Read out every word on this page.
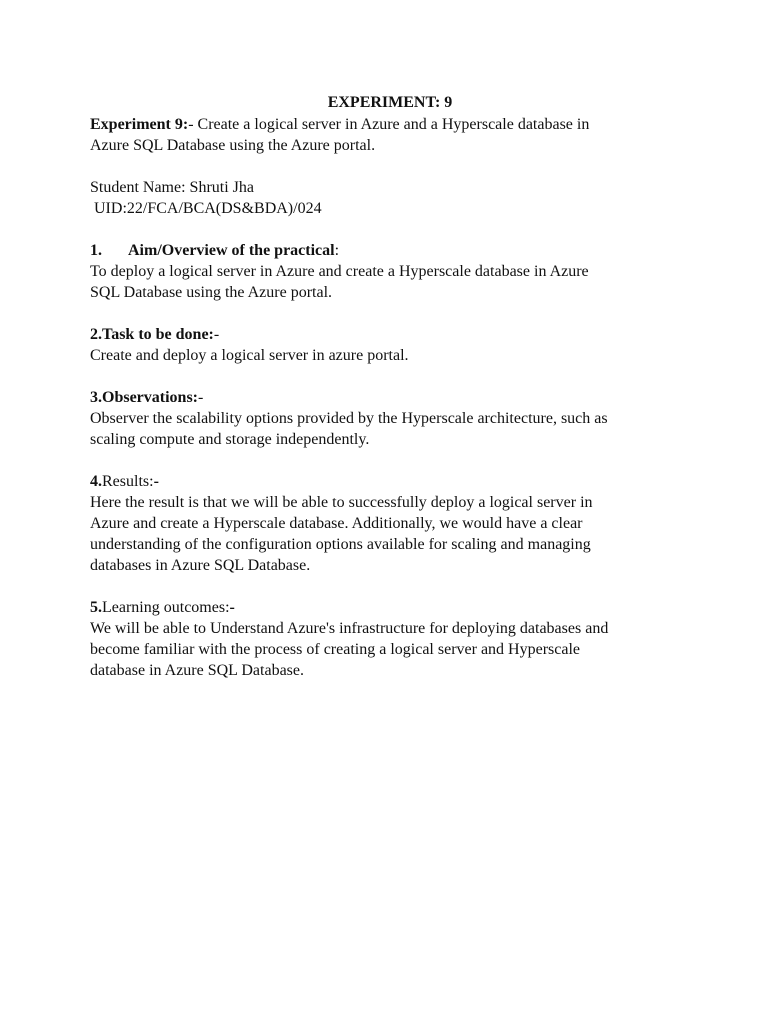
EXPERIMENT: 9

Experiment 9:- Create a logical server in Azure and a Hyperscale database in
Azure SQL Database using the Azure portal.

Student Name: Shruti Jha
UID:22/FCA/BCA(DS&BDA)/024

1. Aim/Overview of the practical:
To deploy a logical server in Azure and create a Hyperscale database in Azure
SQL Database using the Azure portal.

2.Task to be done:-
Create and deploy a logical server in azure portal.

3.Observations:-
Observer the scalability options provided by the Hyperscale architecture, such as
scaling compute and storage independently.

4.Results:-
Here the result is that we will be able to successfully deploy a logical server in
Azure and create a Hyperscale database. Additionally, we would have a clear
understanding of the configuration options available for scaling and managing
databases in Azure SQL Database.

5.Learning outcomes:-
We will be able to Understand Azure's infrastructure for deploying databases and
become familiar with the process of creating a logical server and Hyperscale
database in Azure SQL Database.
